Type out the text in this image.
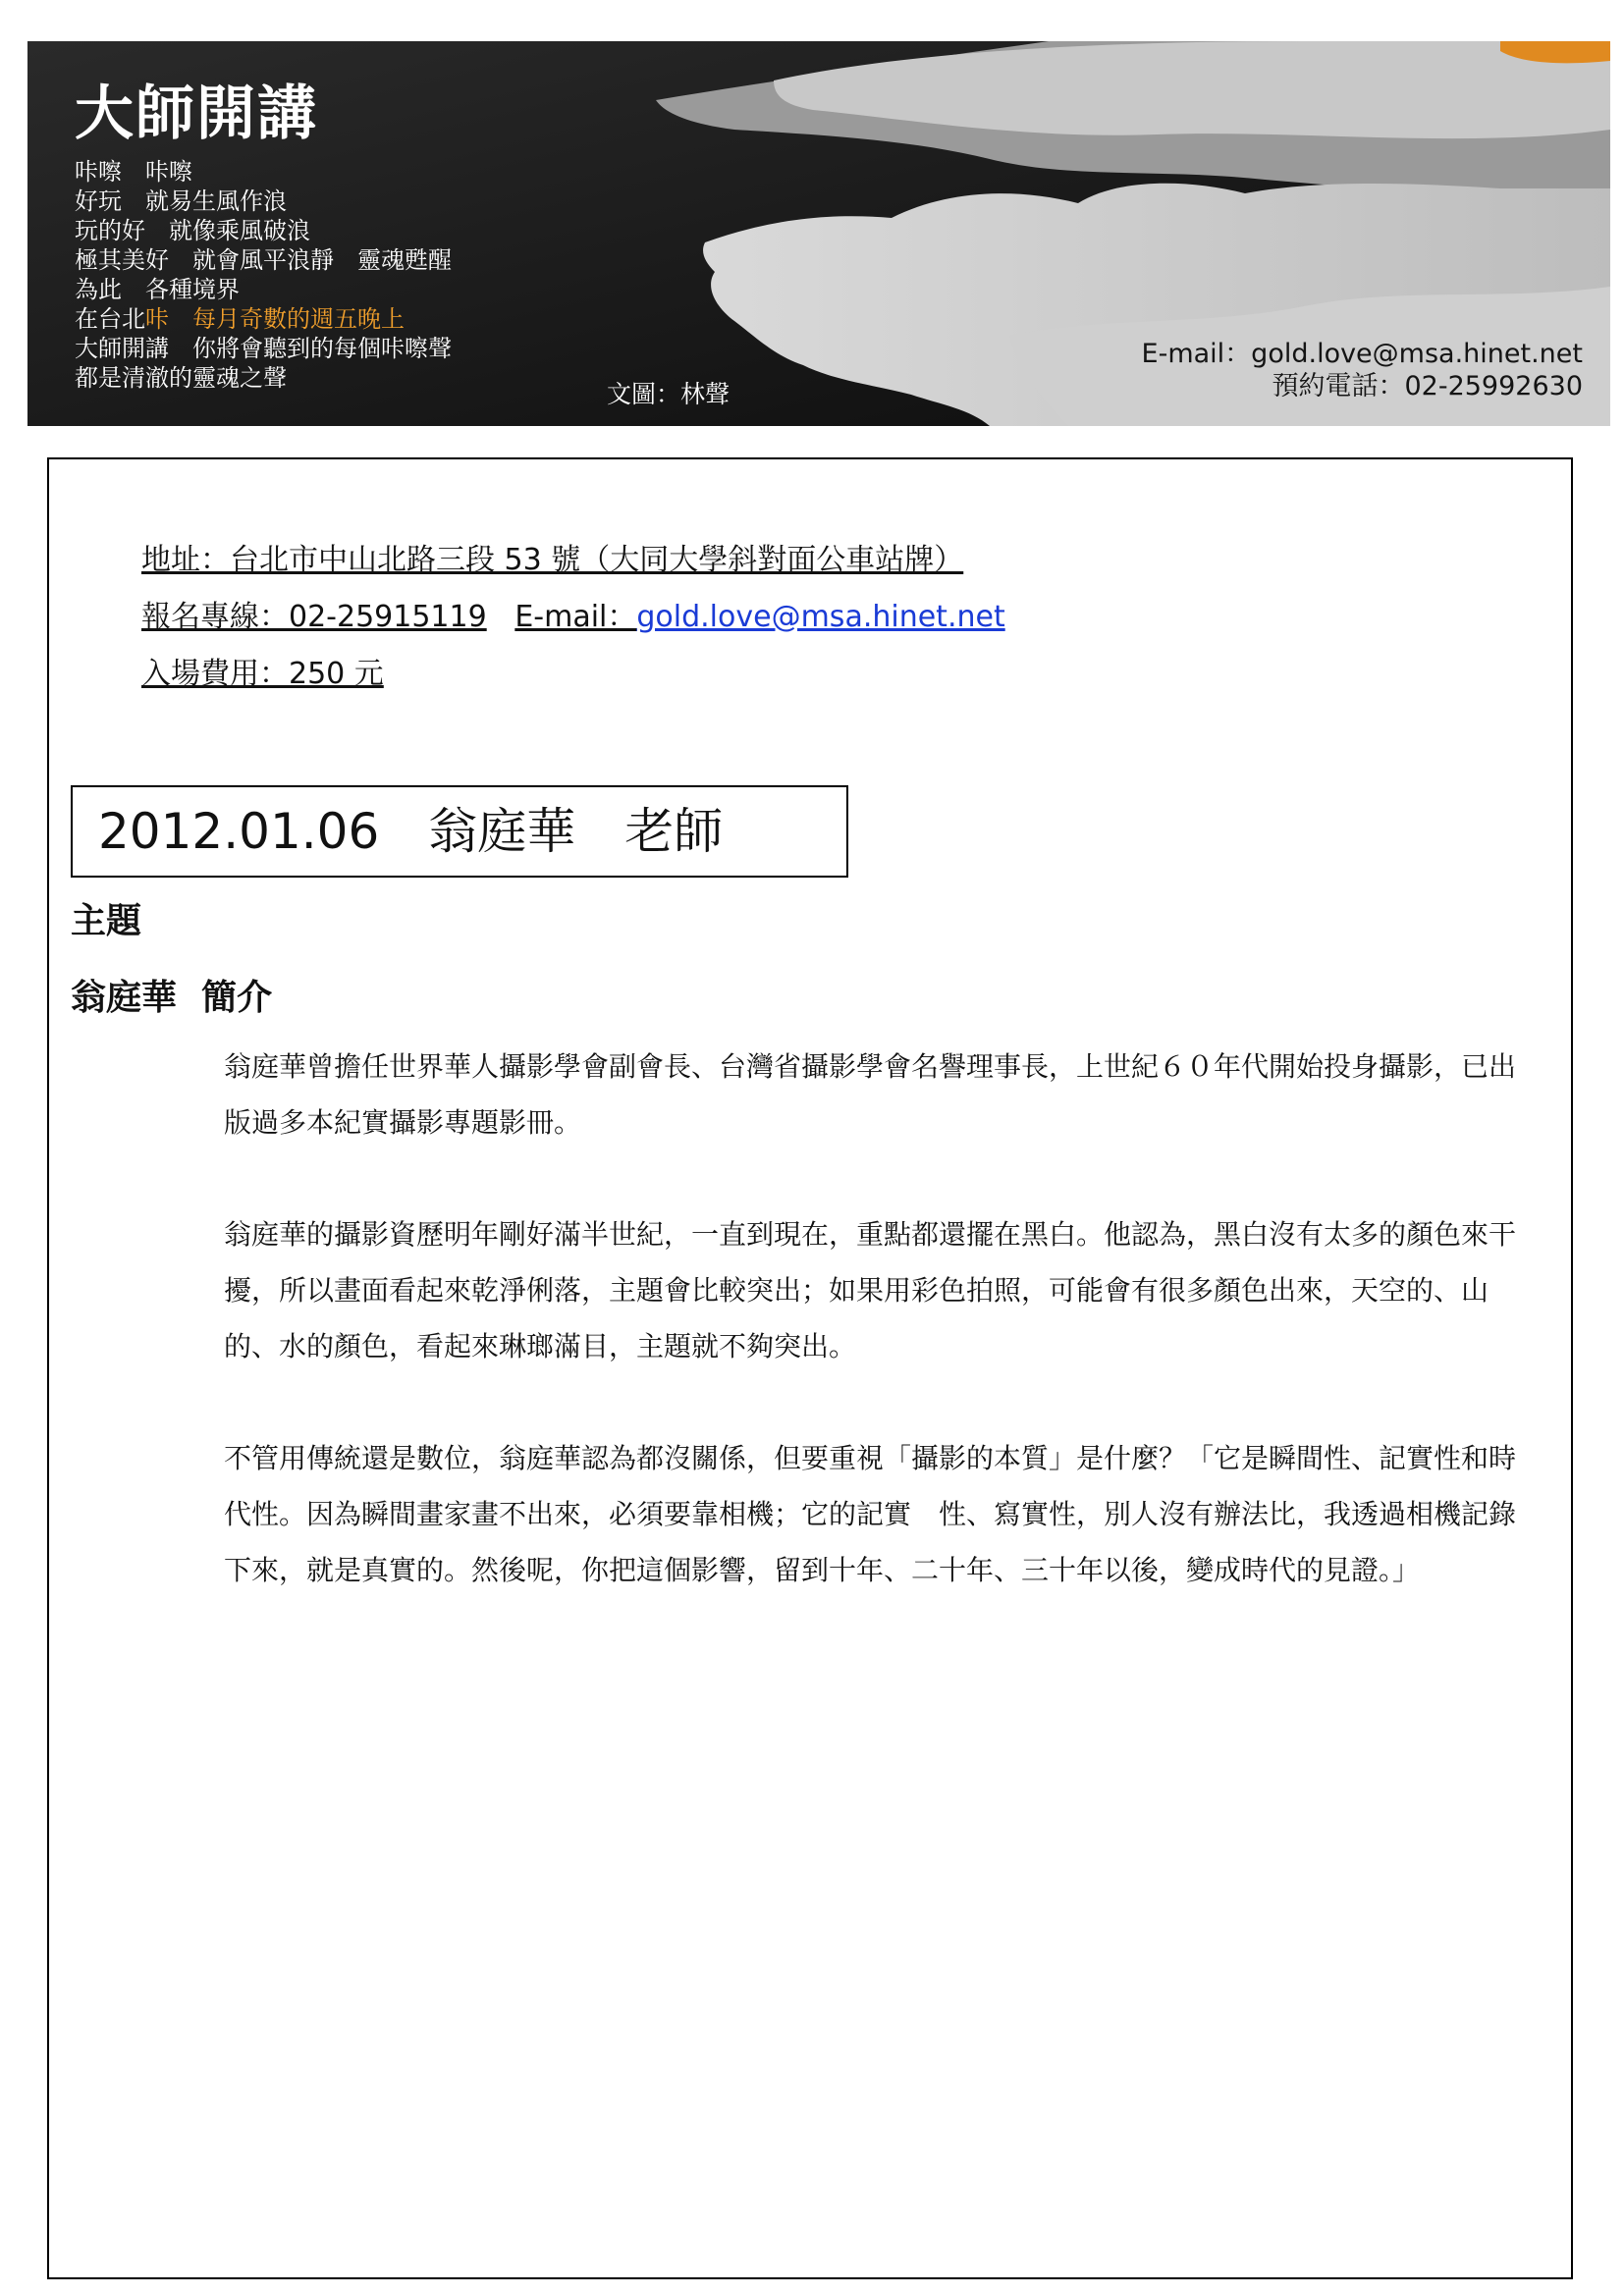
大師開講
咔嚓　咔嚓
好玩　就易生風作浪
玩的好　就像乘風破浪
極其美好　就會風平浪靜　靈魂甦醒
為此　各種境界
在台北咔　每月奇數的週五晚上
大師開講　你將會聽到的每個咔嚓聲
都是清澈的靈魂之聲
文圖：林聲
E-mail：gold.love@msa.hinet.net
預約電話：02-25992630
地址：台北市中山北路三段 53 號（大同大學斜對面公車站牌）
報名專線：02-25915119 E-mail：gold.love@msa.hinet.net
入場費用：250 元
2012.01.06　翁庭華　老師
主題
翁庭華  簡介

翁庭華曾擔任世界華人攝影學會副會長、台灣省攝影學會名譽理事長，上世紀６０年代開始投身攝影，已出版過多本紀實攝影專題影冊。

翁庭華的攝影資歷明年剛好滿半世紀，一直到現在，重點都還擺在黑白。他認為，黑白沒有太多的顏色來干擾，所以畫面看起來乾淨俐落，主題會比較突出；如果用彩色拍照，可能會有很多顏色出來，天空的、山的、水的顏色，看起來琳瑯滿目，主題就不夠突出。

不管用傳統還是數位，翁庭華認為都沒關係，但要重視「攝影的本質」是什麼？「它是瞬間性、記實性和時代性。因為瞬間畫家畫不出來，必須要靠相機；它的記實　性、寫實性，別人沒有辦法比，我透過相機記錄下來，就是真實的。然後呢，你把這個影響，留到十年、二十年、三十年以後，變成時代的見證。」
